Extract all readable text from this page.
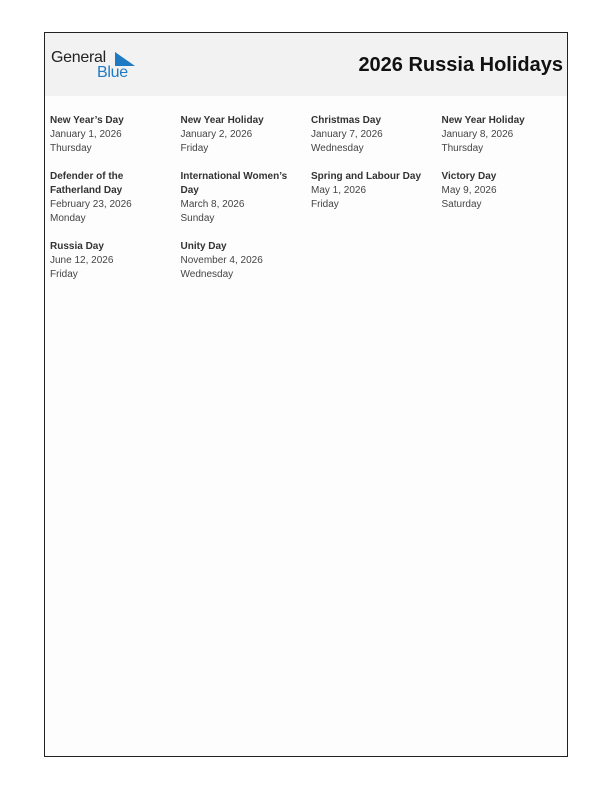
General
Blue	2026 Russia Holidays
New Year’s Day
January 1, 2026
Thursday
New Year Holiday
January 2, 2026
Friday
Christmas Day
January 7, 2026
Wednesday
New Year Holiday
January 8, 2026
Thursday
Defender of the Fatherland Day
February 23, 2026
Monday
International Women’s Day
March 8, 2026
Sunday
Spring and Labour Day
May 1, 2026
Friday
Victory Day
May 9, 2026
Saturday
Russia Day
June 12, 2026
Friday
Unity Day
November 4, 2026
Wednesday
